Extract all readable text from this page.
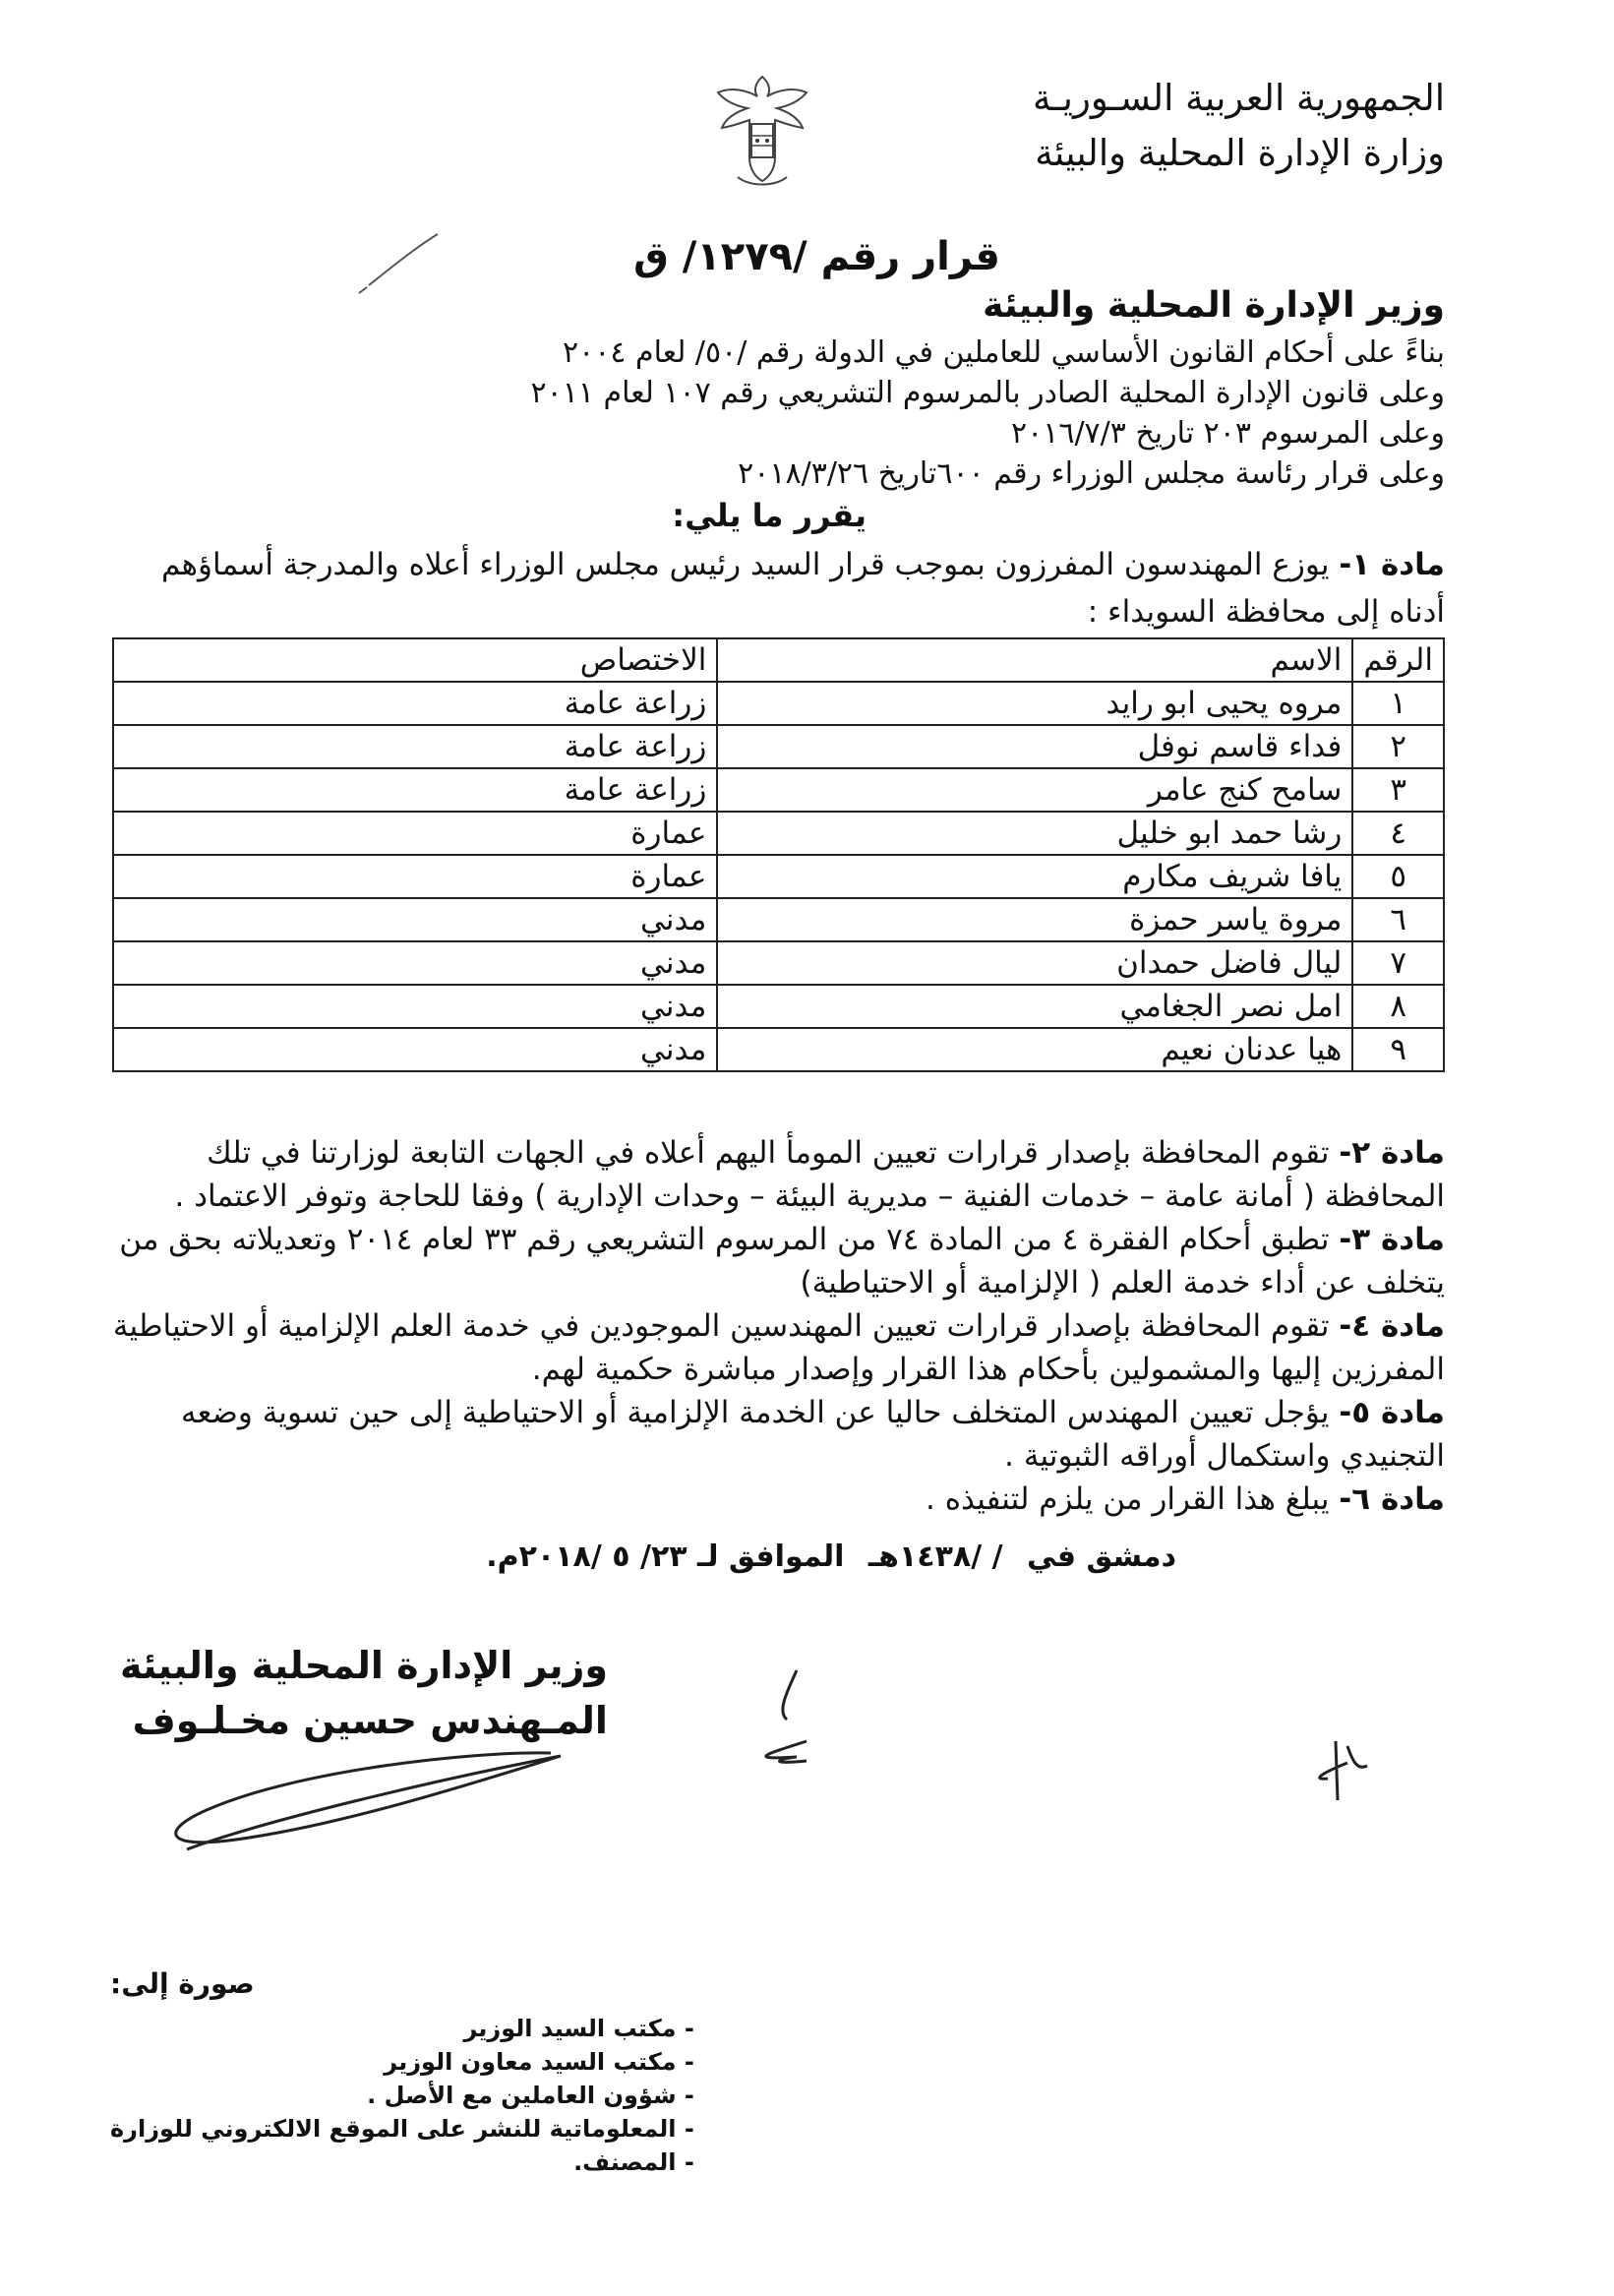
الجمهورية العربية السـوريـة
وزارة الإدارة المحلية والبيئة
قرار رقم /١٢٧٩/ ق
وزير الإدارة المحلية والبيئة
بناءً على أحكام القانون الأساسي للعاملين في الدولة رقم /٥٠/ لعام ٢٠٠٤
وعلى قانون الإدارة المحلية الصادر بالمرسوم التشريعي رقم ١٠٧ لعام ٢٠١١
وعلى المرسوم ٢٠٣ تاريخ ٢٠١٦/٧/٣
وعلى قرار رئاسة مجلس الوزراء رقم ٦٠٠تاريخ ٢٠١٨/٣/٢٦
يقرر ما يلي:
مادة ١- يوزع المهندسون المفرزون بموجب قرار السيد رئيس مجلس الوزراء أعلاه والمدرجة أسماؤهم أدناه إلى محافظة السويداء :
الرقم	الاسم	الاختصاص
١	مروه يحيى ابو رايد	زراعة عامة
٢	فداء قاسم نوفل	زراعة عامة
٣	سامح كنج عامر	زراعة عامة
٤	رشا حمد ابو خليل	عمارة
٥	يافا شريف مكارم	عمارة
٦	مروة ياسر حمزة	مدني
٧	ليال فاضل حمدان	مدني
٨	امل نصر الجغامي	مدني
٩	هيا عدنان نعيم	مدني

مادة ٢- تقوم المحافظة بإصدار قرارات تعيين المومأ اليهم أعلاه في الجهات التابعة لوزارتنا في تلك المحافظة ( أمانة عامة – خدمات الفنية – مديرية البيئة – وحدات الإدارية ) وفقا للحاجة وتوفر الاعتماد .

مادة ٣- تطبق أحكام الفقرة ٤ من المادة ٧٤ من المرسوم التشريعي رقم ٣٣ لعام ٢٠١٤ وتعديلاته بحق من يتخلف عن أداء خدمة العلم ( الإلزامية أو الاحتياطية)

مادة ٤- تقوم المحافظة بإصدار قرارات تعيين المهندسين الموجودين في خدمة العلم الإلزامية أو الاحتياطية المفرزين إليها والمشمولين بأحكام هذا القرار وإصدار مباشرة حكمية لهم.

مادة ٥- يؤجل تعيين المهندس المتخلف حاليا عن الخدمة الإلزامية أو الاحتياطية إلى حين تسوية وضعه التجنيدي واستكمال أوراقه الثبوتية .

مادة ٦- يبلغ هذا القرار من يلزم لتنفيذه .

دمشق في / /١٤٣٨هـ الموافق لـ ٢٣/ ٥ /٢٠١٨م.
وزير الإدارة المحلية والبيئة
المـهندس حسين مخـلـوف
صورة إلى:
- مكتب السيد الوزير
- مكتب السيد معاون الوزير
- شؤون العاملين مع الأصل .
- المعلوماتية للنشر على الموقع الالكتروني للوزارة
- المصنف.
